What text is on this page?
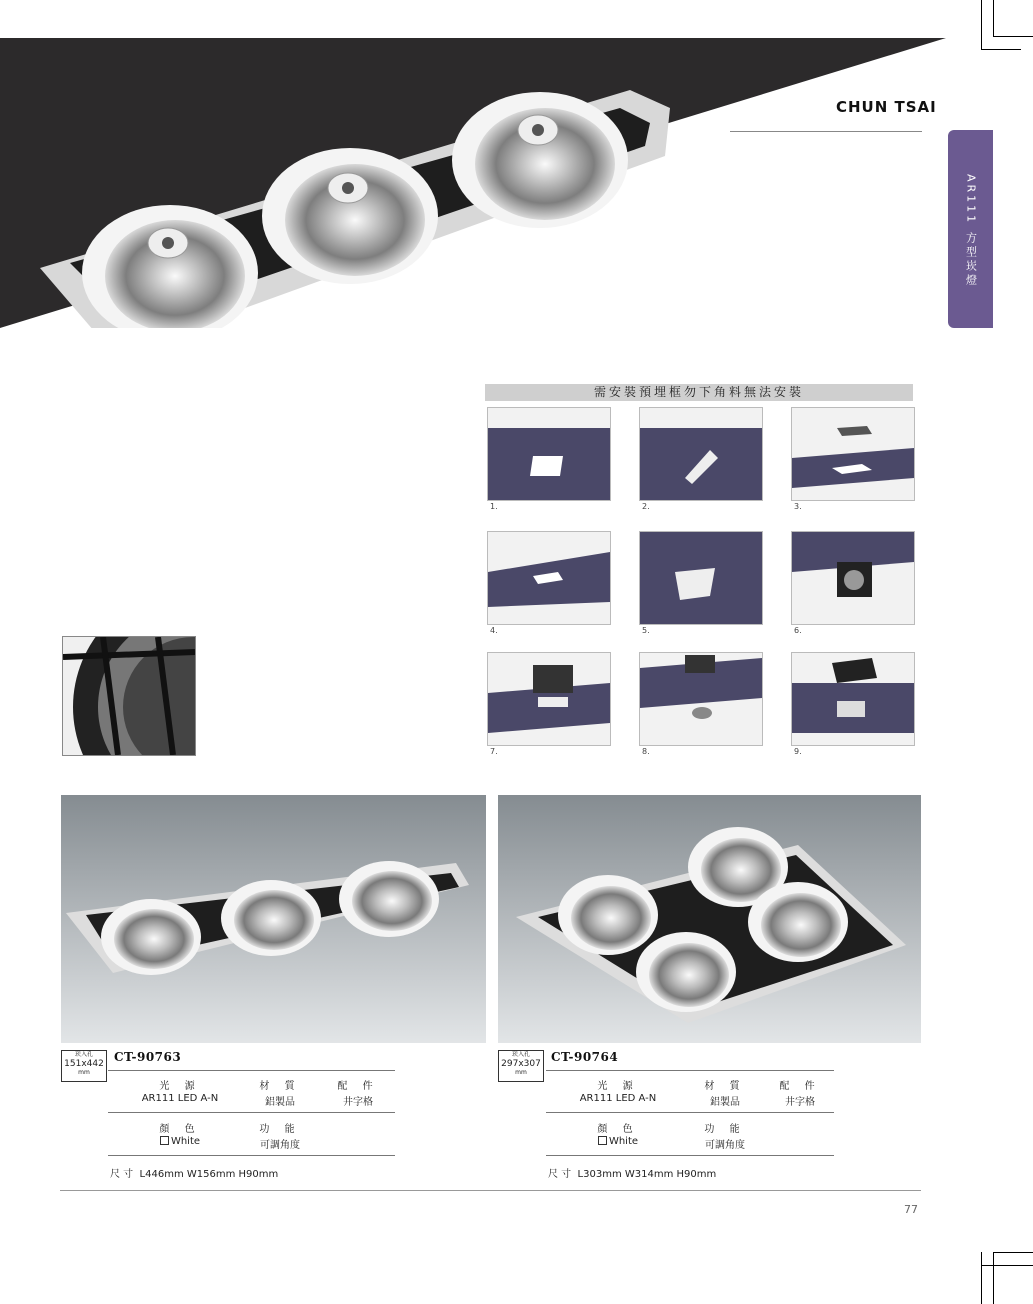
CHUN TSAI
AR111 方型崁燈
需安裝預埋框勿下角料無法安裝
1.	2.	3.
4.	5.	6.
7.	8.	9.
崁入孔
151x442
mm
CT-90763
光 源	材 質	配 件
AR111 LED A-N	鋁製品	井字格
顏 色	功 能
White	可調角度
尺 寸 L446mm W156mm H90mm
崁入孔
297x307
mm
CT-90764
光 源	材 質	配 件
AR111 LED A-N	鋁製品	井字格
顏 色	功 能
White	可調角度
尺 寸 L303mm W314mm H90mm
77
